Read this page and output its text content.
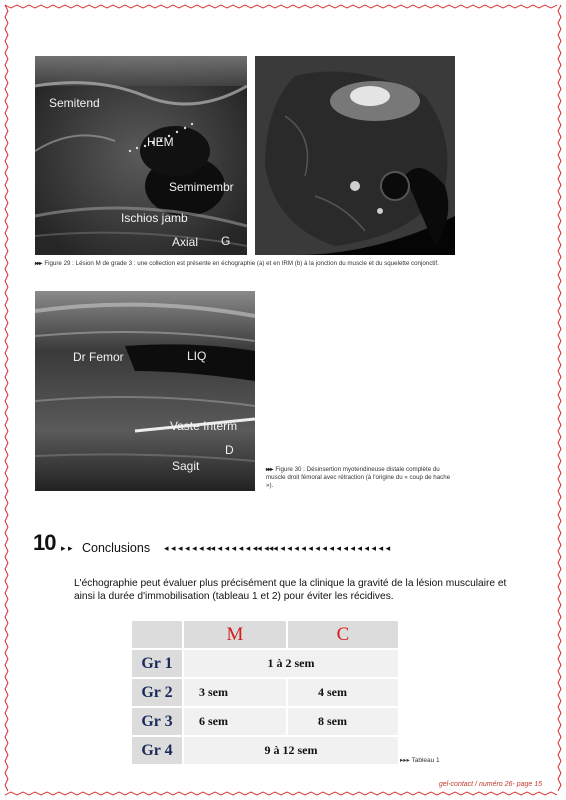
Semitend
HEM
Semimembr
Ischios jamb
Axial G
▸▸▸ Figure 29 : Lésion M de grade 3 : une collection est présente en échographie (a) et en IRM (b) à la jonction du muscle et du squelette conjonctif.
Dr Femor	LIQ
Vaste Interm
D
Sagit	▸▸▸ Figure 30 : Désinsertion myotendineuse distale complète du muscle droit fémoral avec rétraction (à l'origine du « coup de hache »).
10 ▸ ▸ Conclusions ◂ ◂ ◂ ◂ ◂ ◂ ◂◂ ◂ ◂ ◂ ◂ ◂ ◂◂ ◂◂◂ ◂ ◂ ◂ ◂ ◂ ◂ ◂ ◂ ◂ ◂ ◂ ◂ ◂ ◂ ◂ ◂
L'échographie peut évaluer plus précisément que la clinique la gravité de la lésion musculaire et ainsi la durée d'immobilisation (tableau 1 et 2) pour éviter les récidives.
	M	C
Gr 1	1 à 2 sem	
Gr 2	3 sem	4 sem
Gr 3	6 sem	8 sem
Gr 4	9 à 12 sem	
▸▸▸ Tableau 1
gel-contact / numéro 26- page 15
